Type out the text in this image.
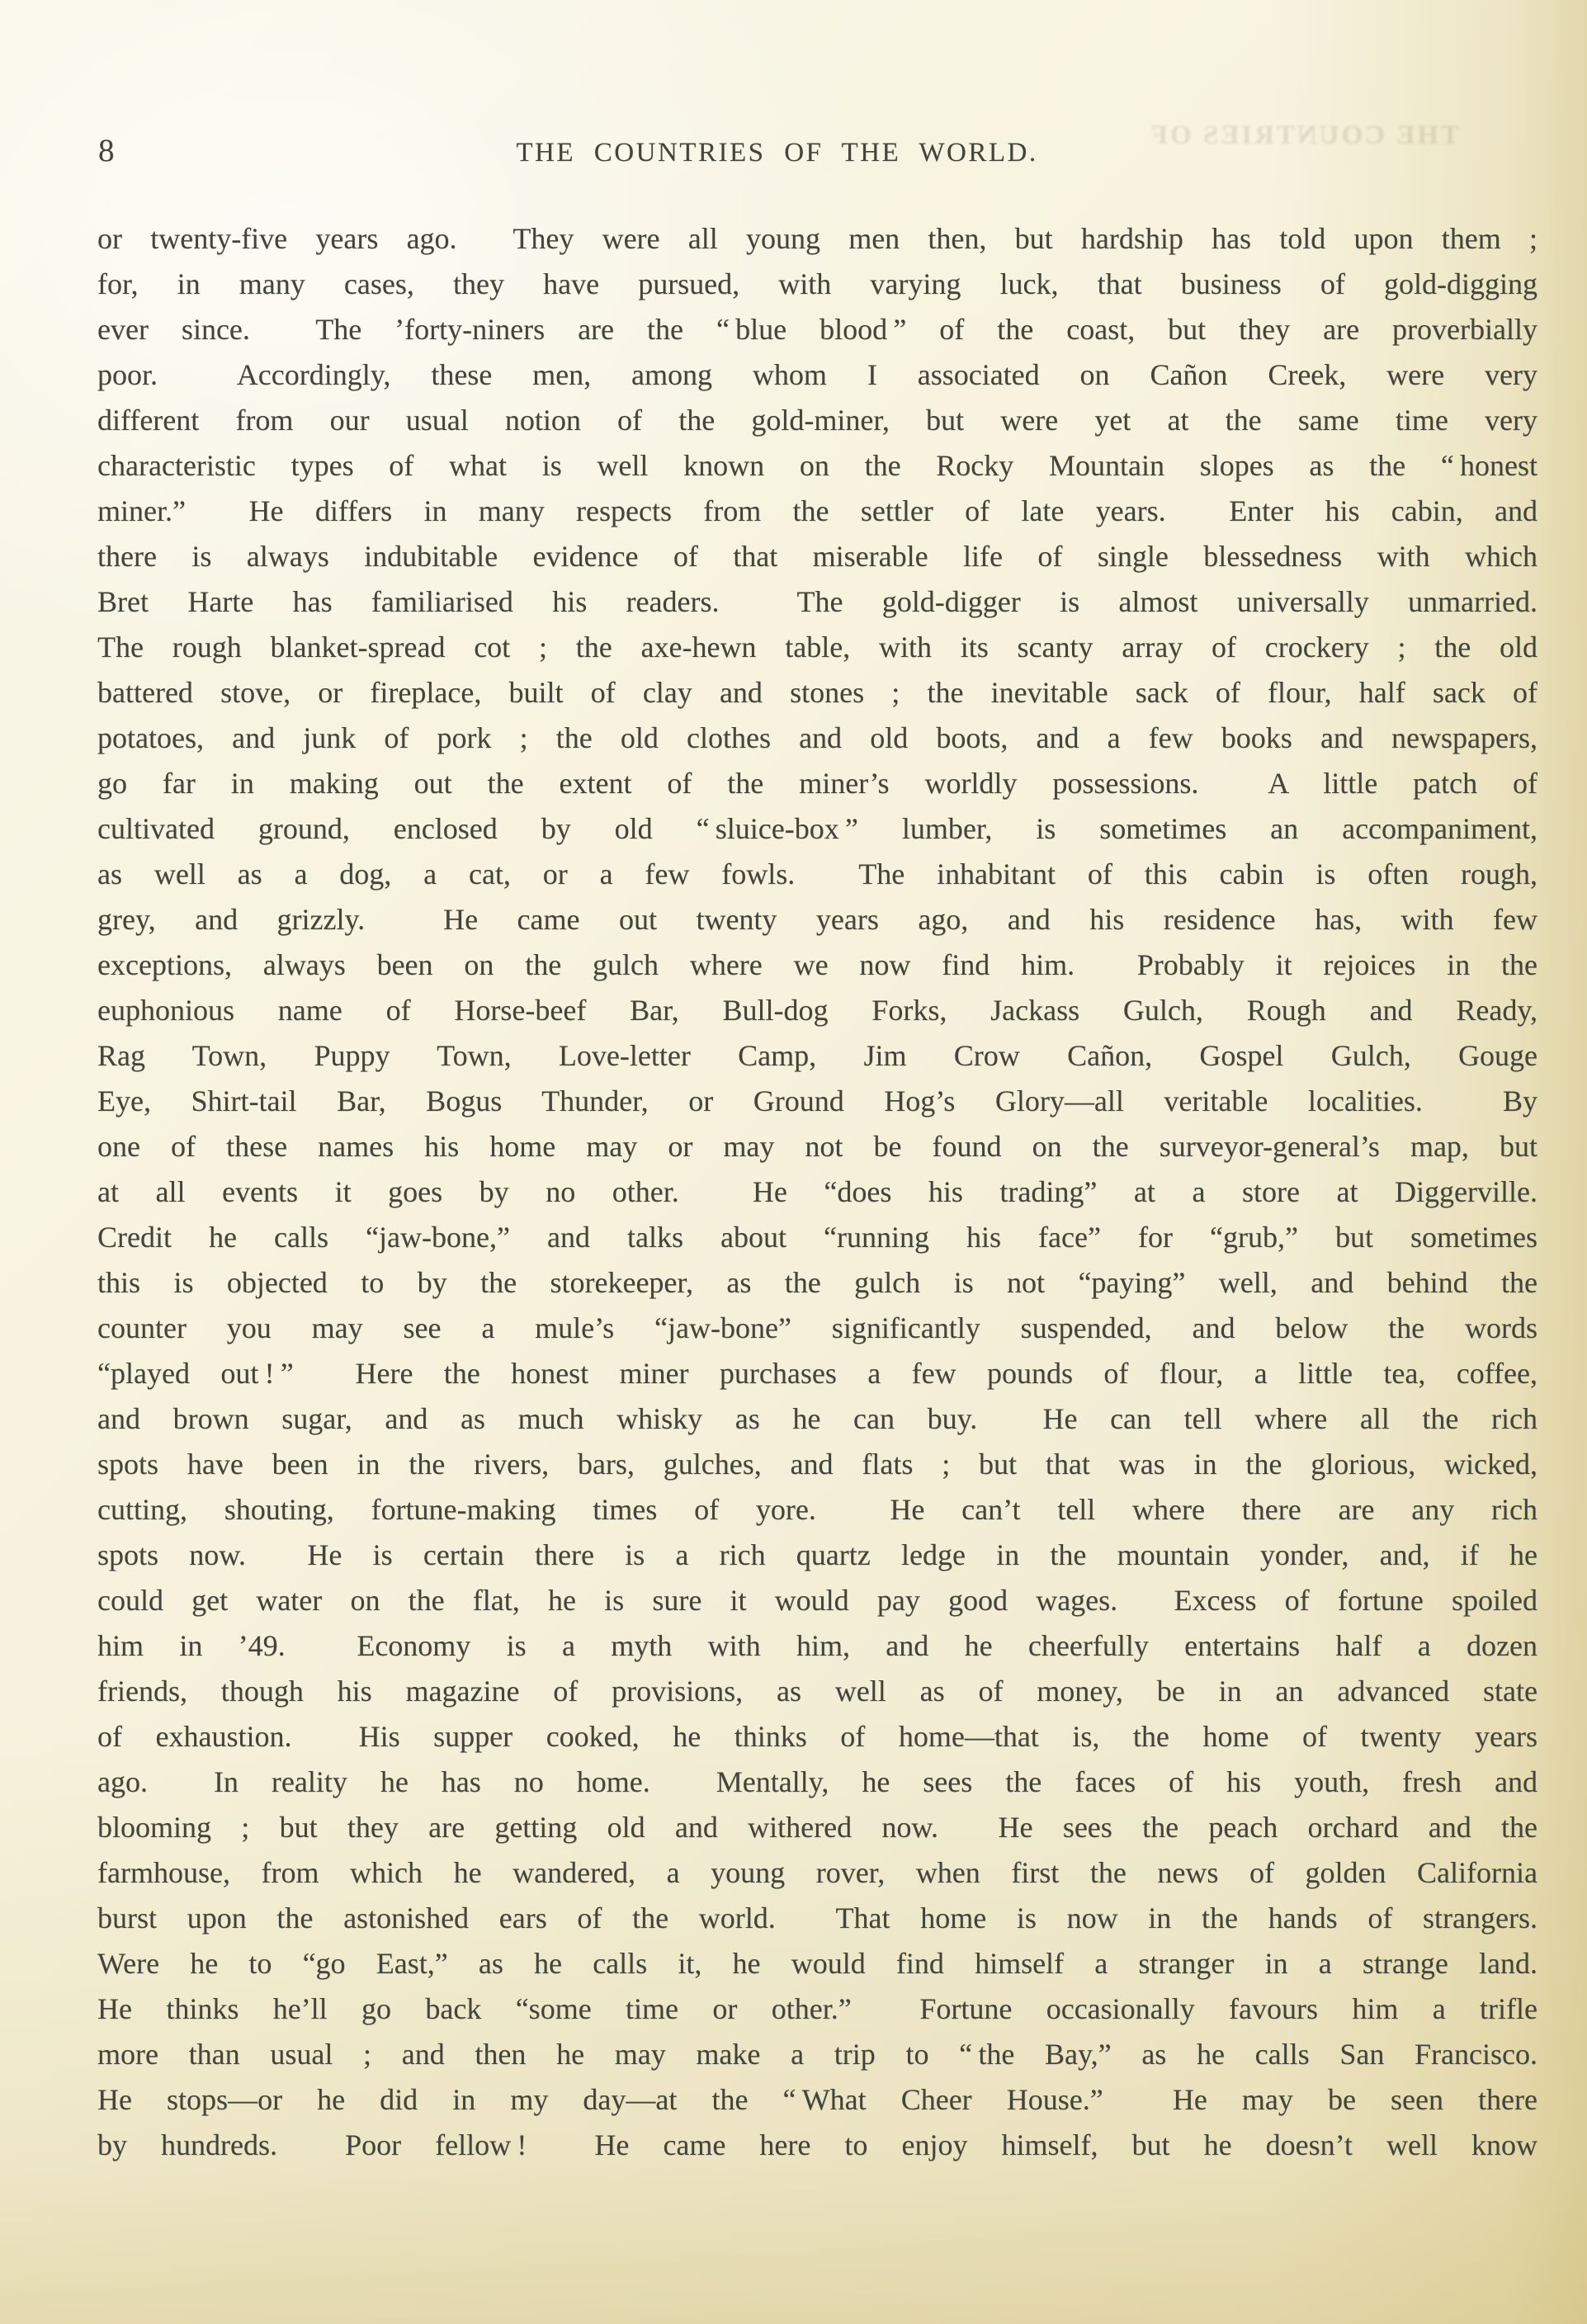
8	THE COUNTRIES OF THE WORLD.
THE COUNTRIES OF
or twenty-five years ago.  They were all young men then, but hardship has told upon them ;
for, in many cases, they have pursued, with varying luck, that business of gold-digging
ever since.  The ’forty-niners are the “ blue blood ” of the coast, but they are proverbially
poor.  Accordingly, these men, among whom I associated on Cañon Creek, were very
different from our usual notion of the gold-miner, but were yet at the same time very
characteristic types of what is well known on the Rocky Mountain slopes as the “ honest
miner.”  He differs in many respects from the settler of late years.  Enter his cabin, and
there is always indubitable evidence of that miserable life of single blessedness with which
Bret Harte has familiarised his readers.  The gold-digger is almost universally unmarried.
The rough blanket-spread cot ; the axe-hewn table, with its scanty array of crockery ; the old
battered stove, or fireplace, built of clay and stones ; the inevitable sack of flour, half sack of
potatoes, and junk of pork ; the old clothes and old boots, and a few books and newspapers,
go far in making out the extent of the miner’s worldly possessions.  A little patch of
cultivated ground, enclosed by old “ sluice-box ” lumber, is sometimes an accompaniment,
as well as a dog, a cat, or a few fowls.  The inhabitant of this cabin is often rough,
grey, and grizzly.  He came out twenty years ago, and his residence has, with few
exceptions, always been on the gulch where we now find him.  Probably it rejoices in the
euphonious name of Horse-beef Bar, Bull-dog Forks, Jackass Gulch, Rough and Ready,
Rag Town, Puppy Town, Love-letter Camp, Jim Crow Cañon, Gospel Gulch, Gouge
Eye, Shirt-tail Bar, Bogus Thunder, or Ground Hog’s Glory—all veritable localities.  By
one of these names his home may or may not be found on the surveyor-general’s map, but
at all events it goes by no other.  He “does his trading” at a store at Diggerville.
Credit he calls “jaw-bone,” and talks about “running his face” for “grub,” but sometimes
this is objected to by the storekeeper, as the gulch is not “paying” well, and behind the
counter you may see a mule’s “jaw-bone” significantly suspended, and below the words
“played out ! ”  Here the honest miner purchases a few pounds of flour, a little tea, coffee,
and brown sugar, and as much whisky as he can buy.  He can tell where all the rich
spots have been in the rivers, bars, gulches, and flats ; but that was in the glorious, wicked,
cutting, shouting, fortune-making times of yore.  He can’t tell where there are any rich
spots now.  He is certain there is a rich quartz ledge in the mountain yonder, and, if he
could get water on the flat, he is sure it would pay good wages.  Excess of fortune spoiled
him in ’49.  Economy is a myth with him, and he cheerfully entertains half a dozen
friends, though his magazine of provisions, as well as of money, be in an advanced state
of exhaustion.  His supper cooked, he thinks of home—that is, the home of twenty years
ago.  In reality he has no home.  Mentally, he sees the faces of his youth, fresh and
blooming ; but they are getting old and withered now.  He sees the peach orchard and the
farmhouse, from which he wandered, a young rover, when first the news of golden California
burst upon the astonished ears of the world.  That home is now in the hands of strangers.
Were he to “go East,” as he calls it, he would find himself a stranger in a strange land.
He thinks he’ll go back “some time or other.”  Fortune occasionally favours him a trifle
more than usual ; and then he may make a trip to “ the Bay,” as he calls San Francisco.
He stops—or he did in my day—at the “ What Cheer House.”  He may be seen there
by hundreds.  Poor fellow !  He came here to enjoy himself, but he doesn’t well know
